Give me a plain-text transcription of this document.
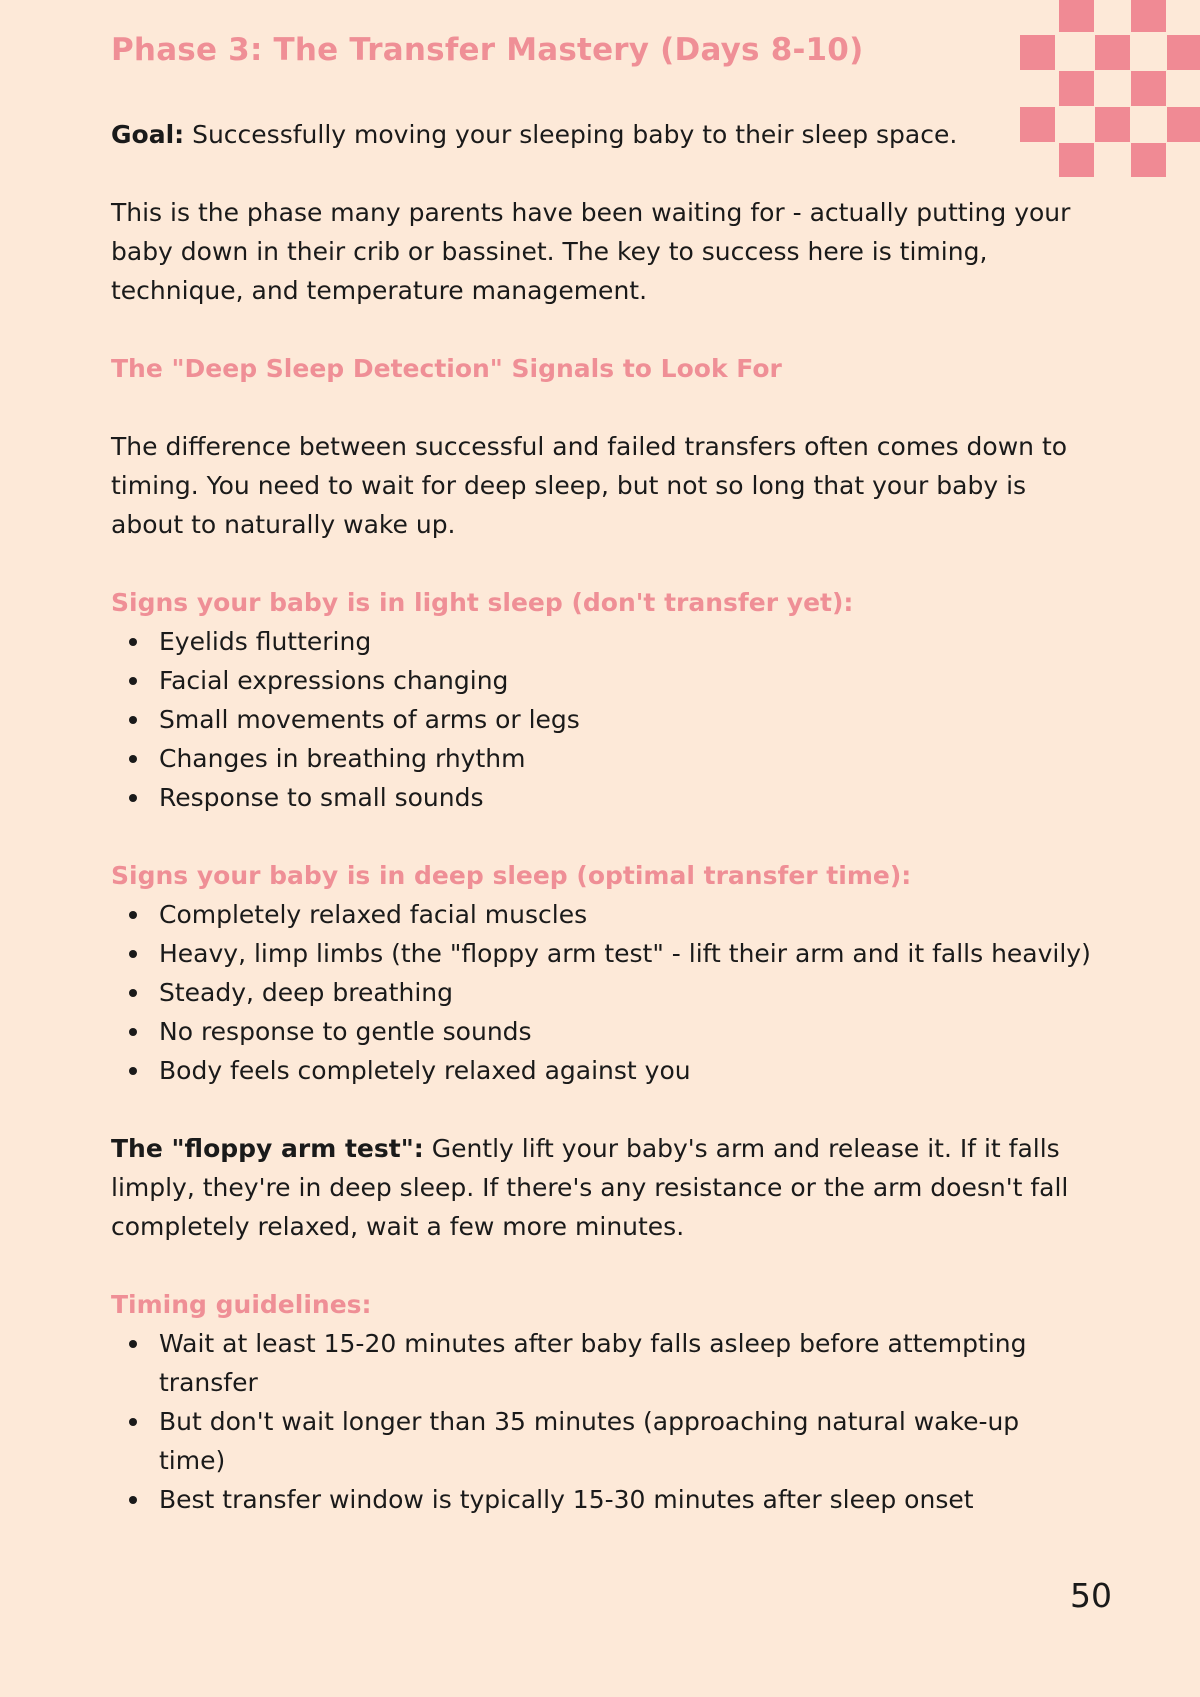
Phase 3: The Transfer Mastery (Days 8-10)

Goal: Successfully moving your sleeping baby to their sleep space.

This is the phase many parents have been waiting for - actually putting your baby down in their crib or bassinet. The key to success here is timing, technique, and temperature management.

The "Deep Sleep Detection" Signals to Look For

The difference between successful and failed transfers often comes down to timing. You need to wait for deep sleep, but not so long that your baby is about to naturally wake up.

Signs your baby is in light sleep (don't transfer yet):
Eyelids fluttering
Facial expressions changing
Small movements of arms or legs
Changes in breathing rhythm
Response to small sounds
Signs your baby is in deep sleep (optimal transfer time):
Completely relaxed facial muscles
Heavy, limp limbs (the "floppy arm test" - lift their arm and it falls heavily)
Steady, deep breathing
No response to gentle sounds
Body feels completely relaxed against you

The "floppy arm test": Gently lift your baby's arm and release it. If it falls limply, they're in deep sleep. If there's any resistance or the arm doesn't fall completely relaxed, wait a few more minutes.

Timing guidelines:
Wait at least 15-20 minutes after baby falls asleep before attempting transfer
But don't wait longer than 35 minutes (approaching natural wake-up time)
Best transfer window is typically 15-30 minutes after sleep onset
50
